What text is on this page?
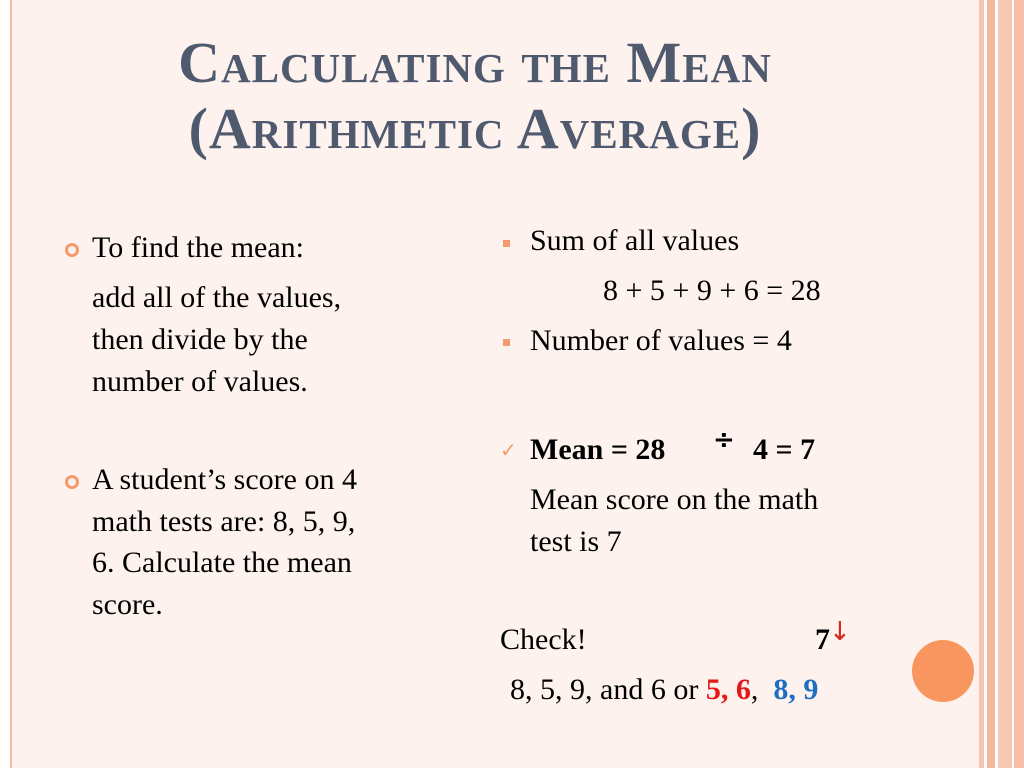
Calculating the Mean
(Arithmetic Average)
To find the mean:
add all of the values,
then divide by the
number of values.
A student’s score on 4
math tests are: 8, 5, 9,
6. Calculate the mean
score.
Sum of all values
8 + 5 + 9 + 6 = 28
Number of values = 4
✓ Mean = 28 ÷ 4 = 7
Mean score on the math
test is 7
Check!	7 ↓
8, 5, 9, and 6 or 5, 6, 8, 9
